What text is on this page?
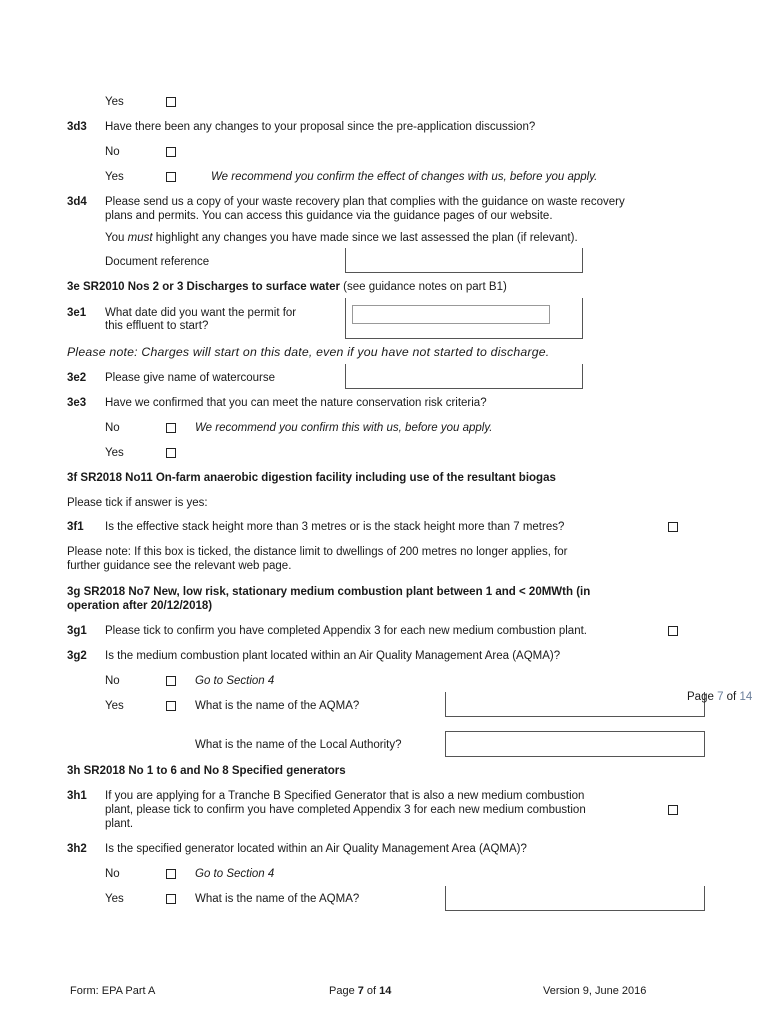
Yes
3d3 Have there been any changes to your proposal since the pre-application discussion?
No
Yes	We recommend you confirm the effect of changes with us, before you apply.
3d4 Please send us a copy of your waste recovery plan that complies with the guidance on waste recovery
plans and permits. You can access this guidance via the guidance pages of our website.
You must highlight any changes you have made since we last assessed the plan (if relevant).
Document reference
3e SR2010 Nos 2 or 3 Discharges to surface water (see guidance notes on part B1)
3e1 What date did you want the permit for
this effluent to start?
Please note: Charges will start on this date, even if you have not started to discharge.
3e2 Please give name of watercourse
3e3 Have we confirmed that you can meet the nature conservation risk criteria?
No	We recommend you confirm this with us, before you apply.
Yes
3f SR2018 No11 On-farm anaerobic digestion facility including use of the resultant biogas
Please tick if answer is yes:
3f1 Is the effective stack height more than 3 metres or is the stack height more than 7 metres?
Please note: If this box is ticked, the distance limit to dwellings of 200 metres no longer applies, for
further guidance see the relevant web page.
3g SR2018 No7 New, low risk, stationary medium combustion plant between 1 and < 20MWth (in
operation after 20/12/2018)
3g1 Please tick to confirm you have completed Appendix 3 for each new medium combustion plant.
3g2 Is the medium combustion plant located within an Air Quality Management Area (AQMA)?
No	Go to Section 4
Yes	What is the name of the AQMA?
What is the name of the Local Authority?
Page 7 of 14
3h SR2018 No 1 to 6 and No 8 Specified generators
3h1 If you are applying for a Tranche B Specified Generator that is also a new medium combustion
plant, please tick to confirm you have completed Appendix 3 for each new medium combustion
plant.
3h2 Is the specified generator located within an Air Quality Management Area (AQMA)?
No	Go to Section 4
Yes	What is the name of the AQMA?
Form: EPA Part A	Page 7 of 14	Version 9, June 2016
